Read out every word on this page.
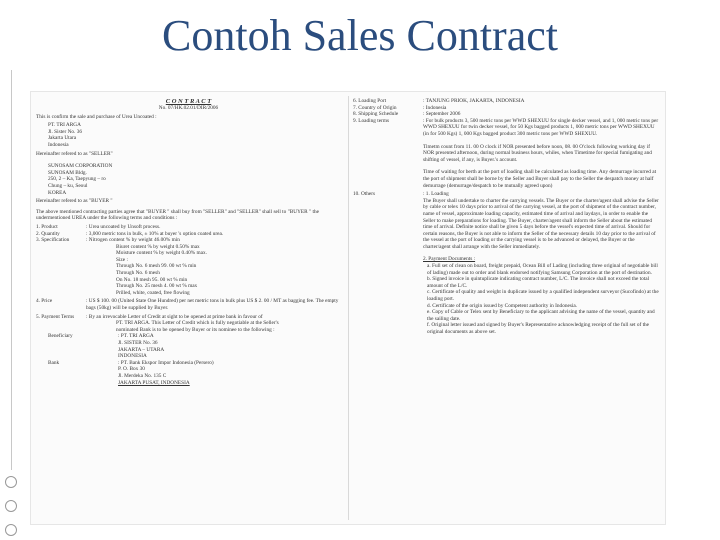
Contoh Sales Contract
C O N T R A C T
No. 07/HK.02.01/DIR/2006
This is confirm the sale and purchase of Urea Uncoated :
PT. TRI ARGA
Jl. Sister No. 36
Jakarta Utara
Indonesia
Hereinafter refered to as "SELLER"
SUNOSAM CORPORATION
SUNOSAM Bldg.
250, 2 – Ka, Taepyung – ro
Chung – ku, Seoul
KOREA
Hereinafter refered to as "BUYER "
The above mentioned contracting parties agree that "BUYER " shall buy from "SELLER" and "SELLER" shall sell to "BUYER " the undermentioned UREA under the following terms and conditions :
1. Product	: Urea uncoated by Unsoft process.
2. Quantity	: 3,000 metric tons in bulk, ± 10% at buyer 's option coated urea.
3. Specification	: Nitrogen content % by weight 46.00% min
Biuret content % by weight 0.50% max
Moisture content % by weight 0.40% max.
Size :
Through No. 6 mesh 99. 00 wt % min
Through No. 6 mesh
On No. 18 mesh 95. 00 wt % min
Through No. 25 mesh 4. 00 wt % max
Prilled, white, coated, free flowing
4. Price	: US $ 100. 00 (United State One Hundred) per net metric tons in bulk plus US $ 2. 00 / MT as bagging fee. The empty bags (50kg) will be supplied by Buyer.
5. Payment Terms	: By an irrevocable Letter of Credit at sight to be opened at prime bank in favour of
PT. TRI ARGA. This Letter of Credit which is fully negotiable at the Seller's
nominated Bank is to be opened by Buyer or its nominee to the following :
Beneficiary	: PT. TRI ARGA
Jl. SISTER No. 36
JAKARTA – UTARA
INDONESIA
Bank	: PT. Bank Ekspor Impor Indonesia (Persero)
P. O. Box 30
Jl. Merdeka No. 135 C
JAKARTA PUSAT, INDONESIA
6. Loading Port	: TANJUNG PRIOK, JAKARTA, INDONESIA
7. Country of Origin	: Indonesia
8. Shipping Schedule	: September 2006
9. Loading terms	: For bulk products 3, 500 metric tons per WWD SHEXUU for single decker vessel, and 1, 000 metric tons per WWD SHEXUU for twin decker vessel, for 50 Kgs bagged products 1, 000 metric tons per WWD SHEXUU (in for 500 Kgs) 1, 000 Kgs bagged product 300 metric tons per WWD SHEXUU.
Timetm count from 11. 00 O clock if NOR presented before noon, 08. 00 O'clock following working day if NOR presented afternoon, during normal business hours, whiles, when Timetime for special fumigating and shifting of vessel, if any, is Buyer.'s account.
Time of waiting for berth at the port of loading shall be calculated as loading time. Any demurrage incurred at the port of shipment shall be borne by the Seller and Buyer shall pay to the Seller the despatch money at half demurrage (demurrage/despatch to be mutually agreed upon)
10. Others	: 1. Loading
The Buyer shall undertake to charter the carrying vessels. The Buyer or the charter/agent shall advise the Seller by cable or telex 10 days prior to arrival of the carrying vessel, at the port of shipment of the contract number, name of vessel, approximate loading capacity, estimated time of arrival and laydays, in order to enable the Seller to make preparations for loading. The Buyer, charter/agent shall inform the Seller about the estimated time of arrival. Definite notice shall be given 5 days before the vessel's expected time of arrival. Should for certain reasons, the Buyer is not able to inform the Seller of the necessary details 10 day prior to the arrival of the vessel at the port of loading or the carrying vessel is to be advanced or delayed, the Buyer or the charter/agent shall arrange with the Seller immediately.
2. Payment Documents :
a. Full set of clean on board, freight prepaid, Ocean Bill of Lading (including three original of negotiable bill of lading) made out to order and blank endorsed notifying Samsung Corporation at the port of destination.
b. Signed invoice in quintuplicate indicating contract number, L/C. The invoice shall not exceed the total amount of the L/C.
c. Certificate of quality and weight in duplicate issued by a qualified independent surveyor (Sucofindo) at the loading port.
d. Certificate of the origin issued by Competent authority in Indonesia.
e. Copy of Cable or Telex sent by Beneficiary to the applicant advising the name of the vessel, quantity and the sailing date.
f. Original letter issued and signed by Buyer's Representative acknowledging receipt of the full set of the original documents as above set.
